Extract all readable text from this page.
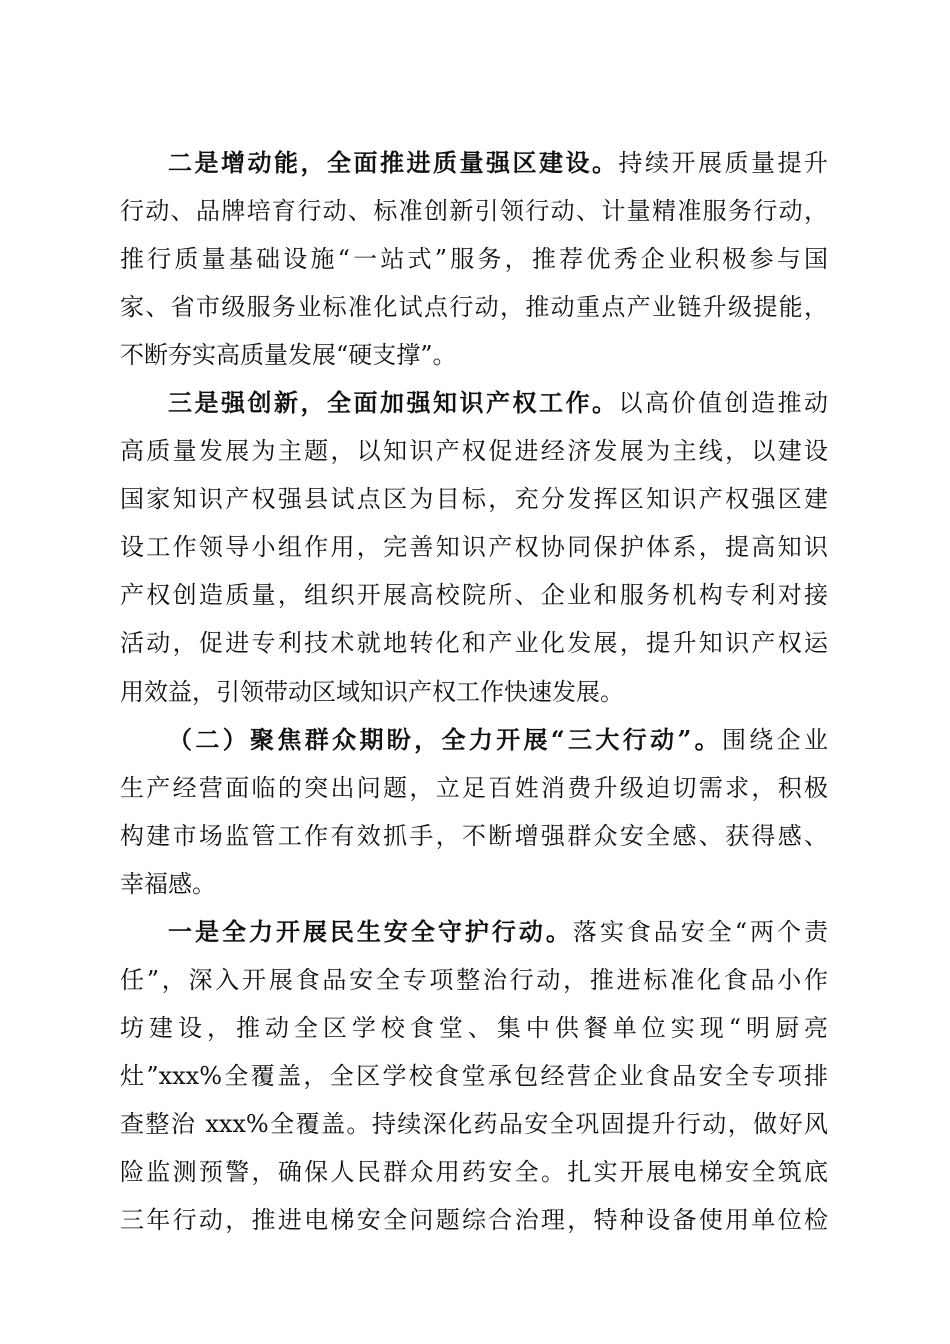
二是增动能，全面推进质量强区建设。持续开展质量提升
行动、品牌培育行动、标准创新引领行动、计量精准服务行动，
推行质量基础设施“一站式”服务，推荐优秀企业积极参与国
家、省市级服务业标准化试点行动，推动重点产业链升级提能，
不断夯实高质量发展“硬支撑”。
三是强创新，全面加强知识产权工作。以高价值创造推动
高质量发展为主题，以知识产权促进经济发展为主线，以建设
国家知识产权强县试点区为目标，充分发挥区知识产权强区建
设工作领导小组作用，完善知识产权协同保护体系，提高知识
产权创造质量，组织开展高校院所、企业和服务机构专利对接
活动，促进专利技术就地转化和产业化发展，提升知识产权运
用效益，引领带动区域知识产权工作快速发展。
（二）聚焦群众期盼，全力开展“三大行动”。围绕企业
生产经营面临的突出问题，立足百姓消费升级迫切需求，积极
构建市场监管工作有效抓手，不断增强群众安全感、获得感、
幸福感。
一是全力开展民生安全守护行动。落实食品安全“两个责
任”，深入开展食品安全专项整治行动，推进标准化食品小作
坊建设，推动全区学校食堂、集中供餐单位实现“明厨亮
灶”xxx%全覆盖，全区学校食堂承包经营企业食品安全专项排
查整治 xxx%全覆盖。持续深化药品安全巩固提升行动，做好风
险监测预警，确保人民群众用药安全。扎实开展电梯安全筑底
三年行动，推进电梯安全问题综合治理，特种设备使用单位检
